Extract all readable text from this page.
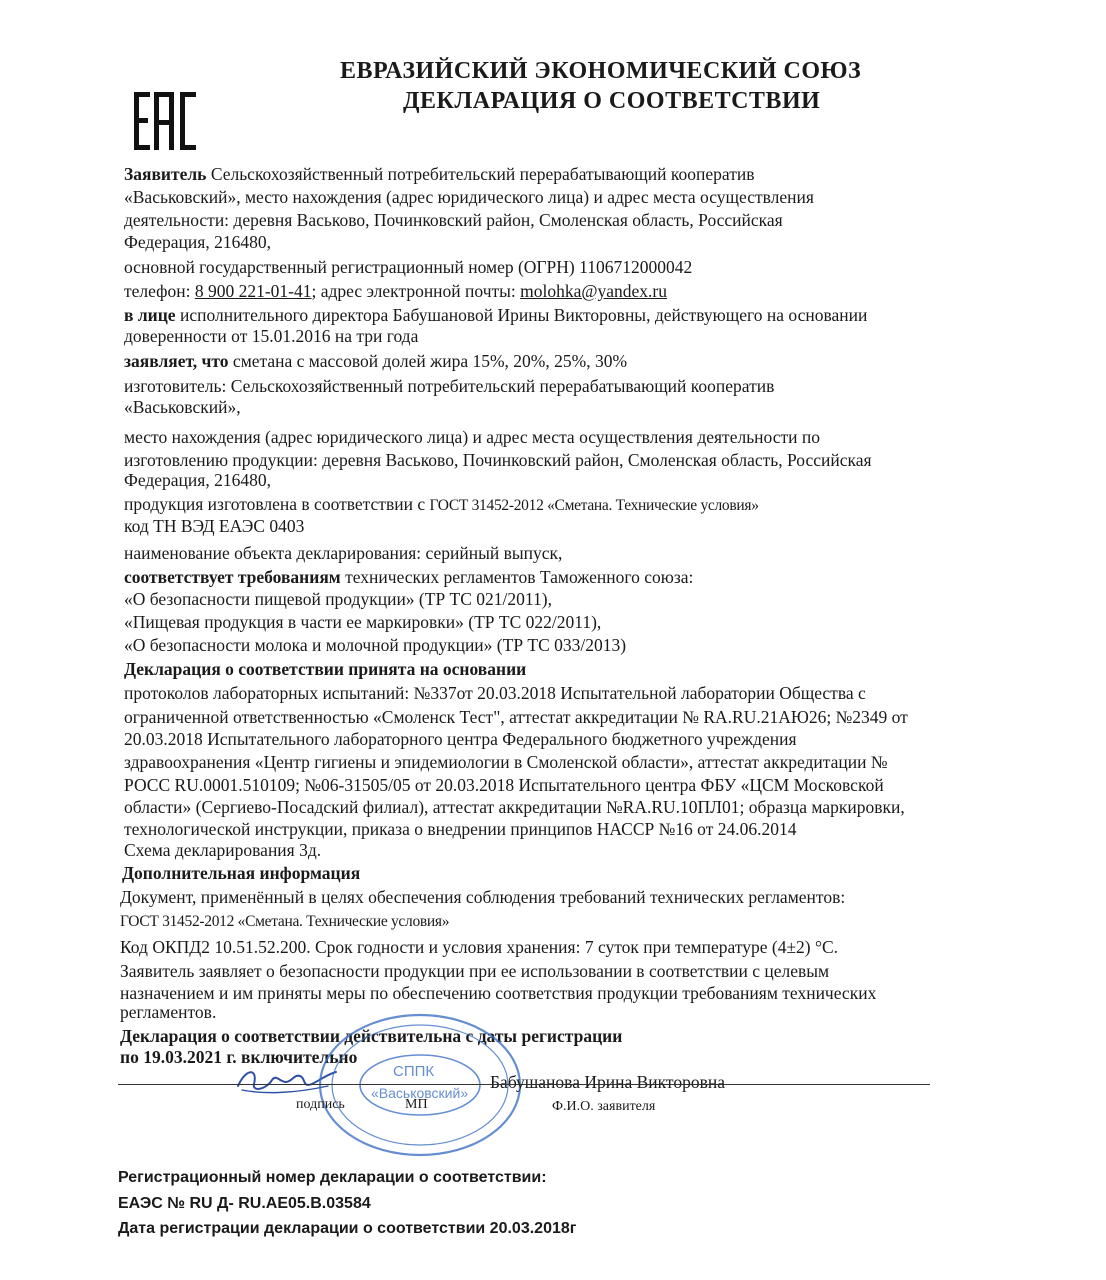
ЕВРАЗИЙСКИЙ ЭКОНОМИЧЕСКИЙ СОЮЗ
ДЕКЛАРАЦИЯ О СООТВЕТСТВИИ
Заявитель Сельскохозяйственный потребительский перерабатывающий кооператив
«Васьковский», место нахождения (адрес юридического лица) и адрес места осуществления
деятельности: деревня Васьково, Починковский район, Смоленская область, Российская
Федерация, 216480,
основной государственный регистрационный номер (ОГРН) 1106712000042
телефон: 8 900 221-01-41; адрес электронной почты: molohka@yandex.ru
в лице исполнительного директора Бабушановой Ирины Викторовны, действующего на основании
доверенности от 15.01.2016 на три года
заявляет, что сметана с массовой долей жира 15%, 20%, 25%, 30%
изготовитель: Сельскохозяйственный потребительский перерабатывающий кооператив
«Васьковский»,
место нахождения (адрес юридического лица) и адрес места осуществления деятельности по
изготовлению продукции: деревня Васьково, Починковский район, Смоленская область, Российская
Федерация, 216480,
продукция изготовлена в соответствии с ГОСТ 31452-2012 «Сметана. Технические условия»
код ТН ВЭД ЕАЭС 0403
наименование объекта декларирования: серийный выпуск,
соответствует требованиям технических регламентов Таможенного союза:
«О безопасности пищевой продукции» (ТР ТС 021/2011),
«Пищевая продукция в части ее маркировки» (ТР ТС 022/2011),
«О безопасности молока и молочной продукции» (ТР ТС 033/2013)
Декларация о соответствии принята на основании
протоколов лабораторных испытаний: №337от 20.03.2018 Испытательной лаборатории Общества с
ограниченной ответственностью «Смоленск Тест", аттестат аккредитации № RA.RU.21АЮ26; №2349 от
20.03.2018 Испытательного лабораторного центра Федерального бюджетного учреждения
здравоохранения «Центр гигиены и эпидемиологии в Смоленской области», аттестат аккредитации №
РОСС RU.0001.510109; №06-31505/05 от 20.03.2018 Испытательного центра ФБУ «ЦСМ Московской
области» (Сергиево-Посадский филиал), аттестат аккредитации №RA.RU.10ПЛ01; образца маркировки,
технологической инструкции, приказа о внедрении принципов НАССР №16 от 24.06.2014
Схема декларирования 3д.
Дополнительная информация
Документ, применённый в целях обеспечения соблюдения требований технических регламентов:
ГОСТ 31452-2012 «Сметана. Технические условия»
Код ОКПД2 10.51.52.200. Срок годности и условия хранения: 7 суток при температуре (4±2) °С.
Заявитель заявляет о безопасности продукции при ее использовании в соответствии с целевым
назначением и им приняты меры по обеспечению соответствия продукции требованиям технических
регламентов.
Декларация о соответствии действительна с даты регистрации
по 19.03.2021 г. включительно
СППК
«Васьковский»
Бабушанова Ирина Викторовна
подпись	МП	Ф.И.О. заявителя
Регистрационный номер декларации о соответствии:
ЕАЭС № RU Д- RU.АЕ05.В.03584
Дата регистрации декларации о соответствии 20.03.2018г
